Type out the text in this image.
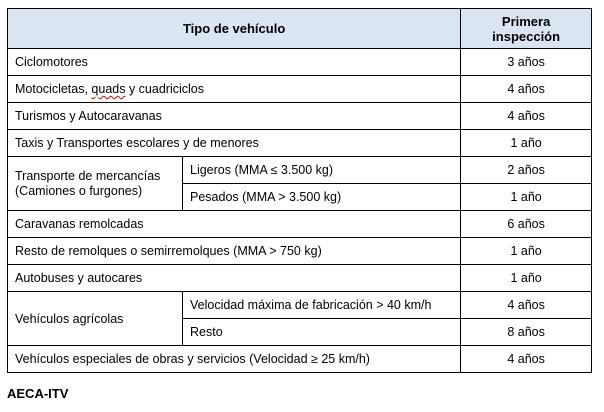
Tipo de vehículo		Primera inspección
Ciclomotores		3 años
Motocicletas, quads y cuadriciclos		4 años
Turismos y Autocaravanas		4 años
Taxis y Transportes escolares y de menores		1 año
Transporte de mercancías (Camiones o furgones)	Ligeros (MMA ≤ 3.500 kg)	2 años
	Pesados (MMA > 3.500 kg)	1 año
Caravanas remolcadas		6 años
Resto de remolques o semirremolques (MMA > 750 kg)		1 año
Autobuses y autocares		1 año
Vehículos agrícolas	Velocidad máxima de fabricación > 40 km/h	4 años
	Resto	8 años
Vehículos especiales de obras y servicios (Velocidad ≥ 25 km/h)		4 años
AECA-ITV
